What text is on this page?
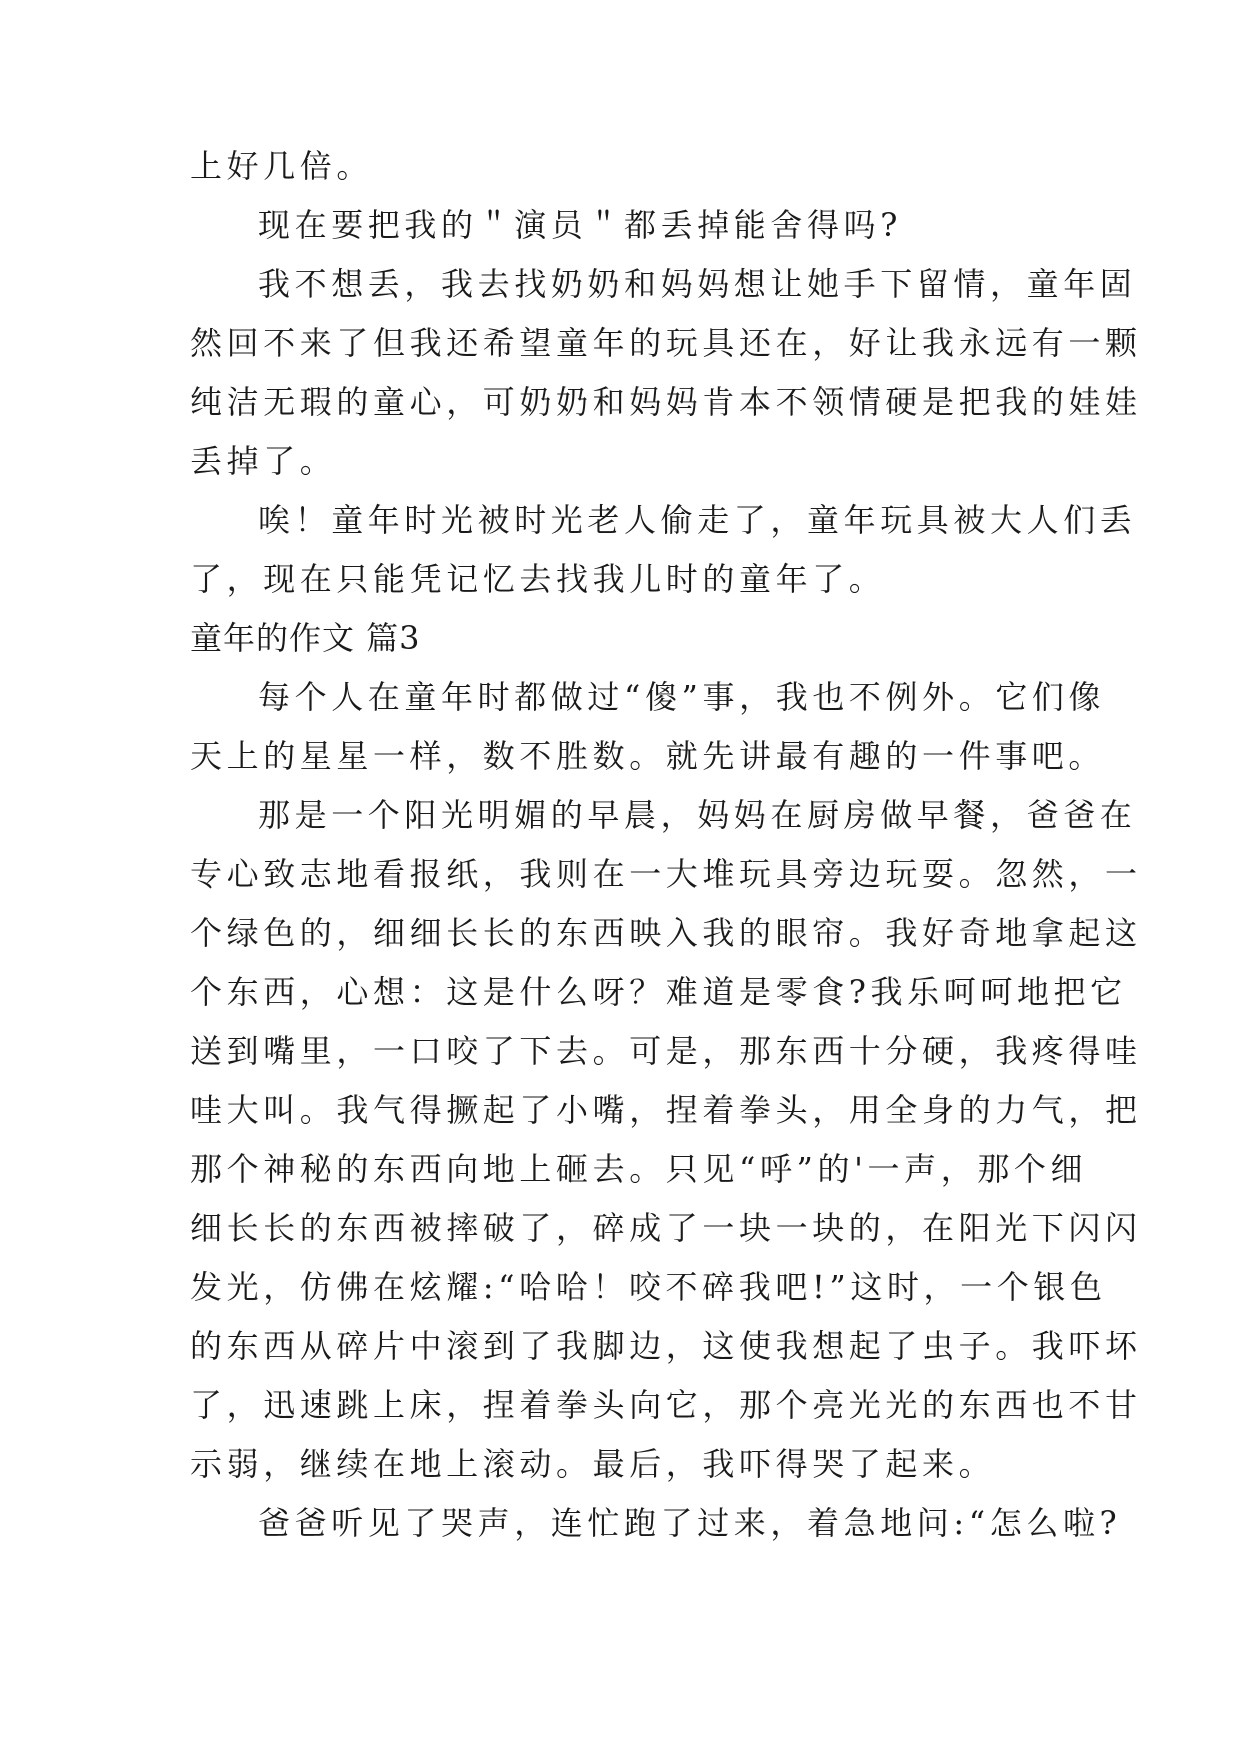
上好几倍。

现在要把我的＂演员＂都丢掉能舍得吗?

我不想丢，我去找奶奶和妈妈想让她手下留情，童年固

然回不来了但我还希望童年的玩具还在，好让我永远有一颗

纯洁无瑕的童心，可奶奶和妈妈肯本不领情硬是把我的娃娃

丢掉了。

唉！童年时光被时光老人偷走了，童年玩具被大人们丢

了，现在只能凭记忆去找我儿时的童年了。

童年的作文 篇3

每个人在童年时都做过“傻”事，我也不例外。它们像

天上的星星一样，数不胜数。就先讲最有趣的一件事吧。

那是一个阳光明媚的早晨，妈妈在厨房做早餐，爸爸在

专心致志地看报纸，我则在一大堆玩具旁边玩耍。忽然，一

个绿色的，细细长长的东西映入我的眼帘。我好奇地拿起这

个东西，心想：这是什么呀？难道是零食?我乐呵呵地把它

送到嘴里，一口咬了下去。可是，那东西十分硬，我疼得哇

哇大叫。我气得撅起了小嘴，捏着拳头，用全身的力气，把

那个神秘的东西向地上砸去。只见“呼”的'一声，那个细

细长长的东西被摔破了，碎成了一块一块的，在阳光下闪闪

发光，仿佛在炫耀:“哈哈！咬不碎我吧!”这时，一个银色

的东西从碎片中滚到了我脚边，这使我想起了虫子。我吓坏

了，迅速跳上床，捏着拳头向它，那个亮光光的东西也不甘

示弱，继续在地上滚动。最后，我吓得哭了起来。

爸爸听见了哭声，连忙跑了过来，着急地问:“怎么啦?
